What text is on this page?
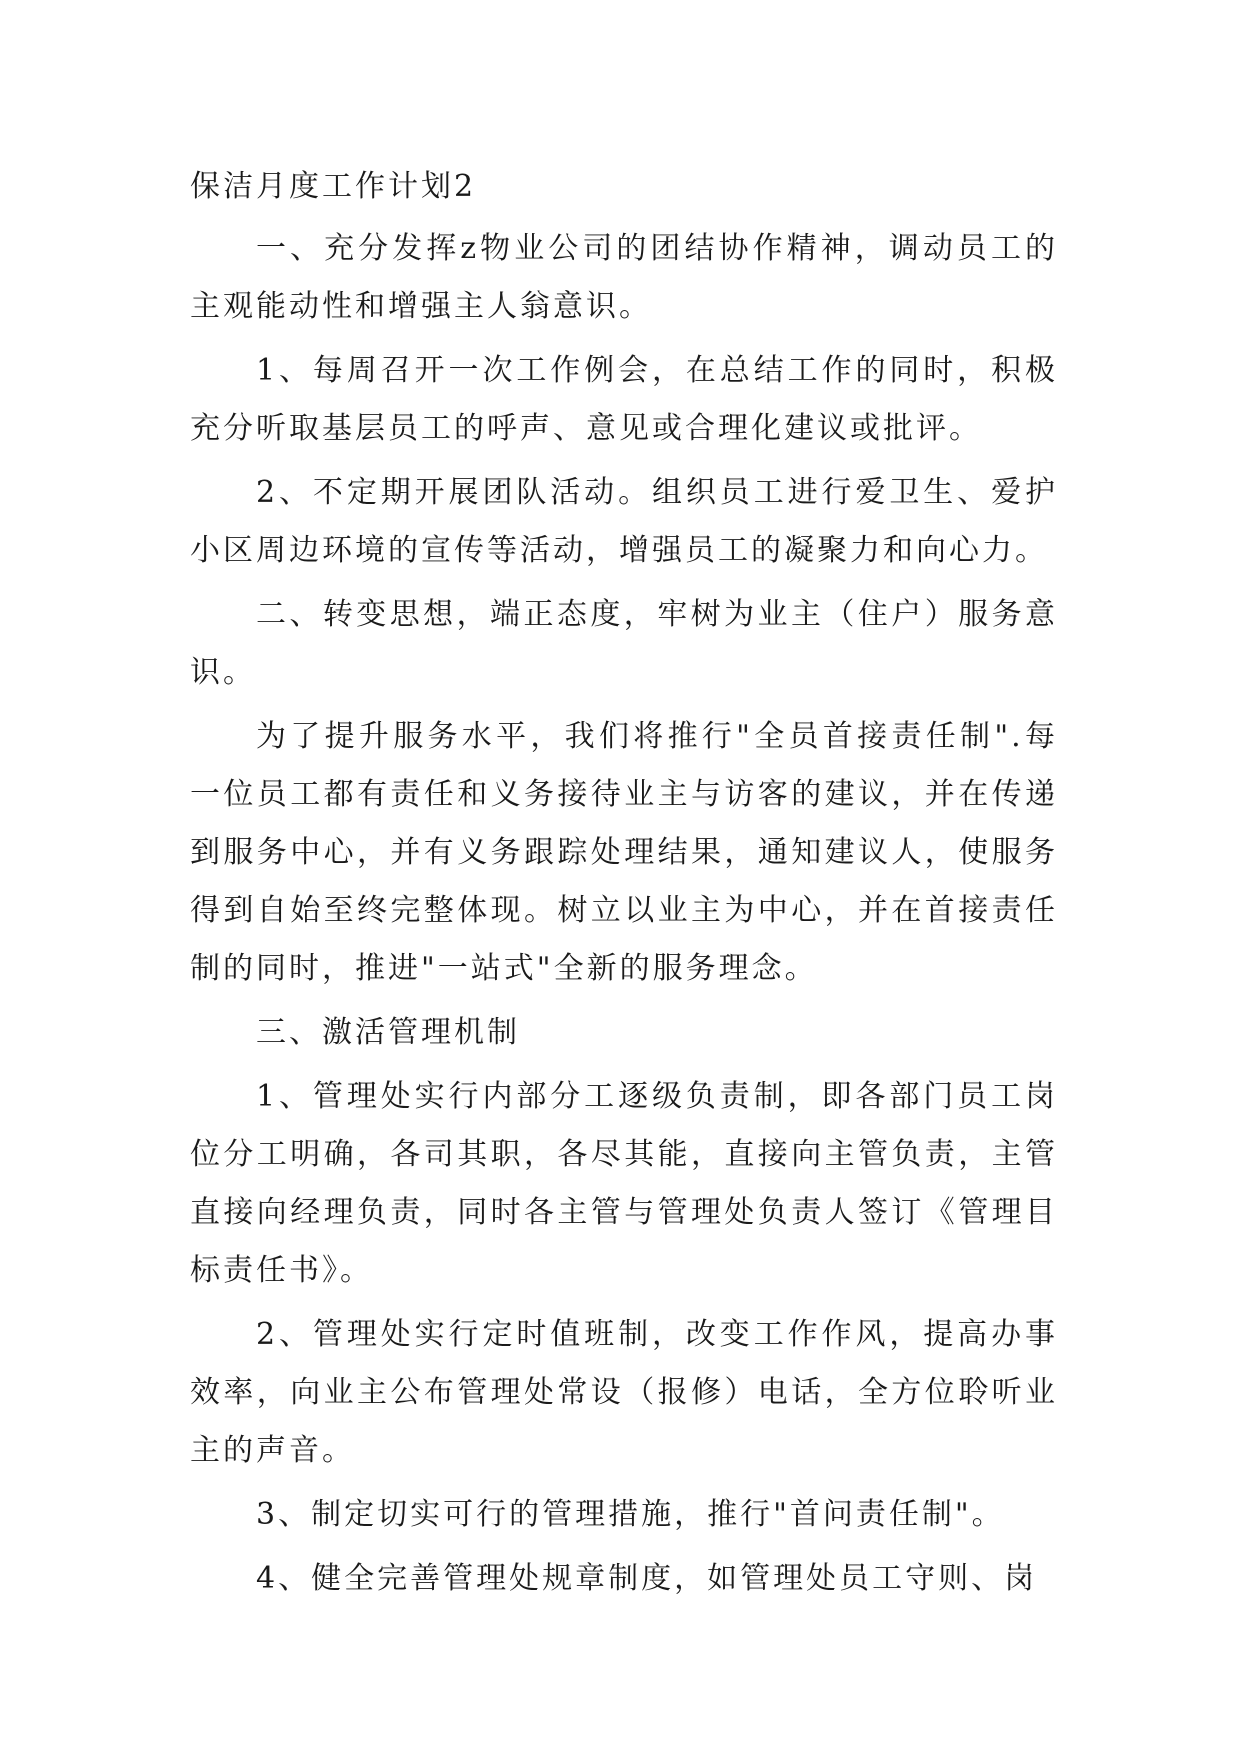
保洁月度工作计划2

一、充分发挥z物业公司的团结协作精神，调动员工的主观能动性和增强主人翁意识。

1、每周召开一次工作例会，在总结工作的同时，积极充分听取基层员工的呼声、意见或合理化建议或批评。

2、不定期开展团队活动。组织员工进行爱卫生、爱护小区周边环境的宣传等活动，增强员工的凝聚力和向心力。

二、转变思想，端正态度，牢树为业主（住户）服务意识。

为了提升服务水平，我们将推行"全员首接责任制".每一位员工都有责任和义务接待业主与访客的建议，并在传递到服务中心，并有义务跟踪处理结果，通知建议人，使服务得到自始至终完整体现。树立以业主为中心，并在首接责任制的同时，推进"一站式"全新的服务理念。

三、激活管理机制

1、管理处实行内部分工逐级负责制，即各部门员工岗位分工明确，各司其职，各尽其能，直接向主管负责，主管直接向经理负责，同时各主管与管理处负责人签订《管理目标责任书》。

2、管理处实行定时值班制，改变工作作风，提高办事效率，向业主公布管理处常设（报修）电话，全方位聆听业主的声音。

3、制定切实可行的管理措施，推行"首问责任制"。

4、健全完善管理处规章制度，如管理处员工守则、岗
